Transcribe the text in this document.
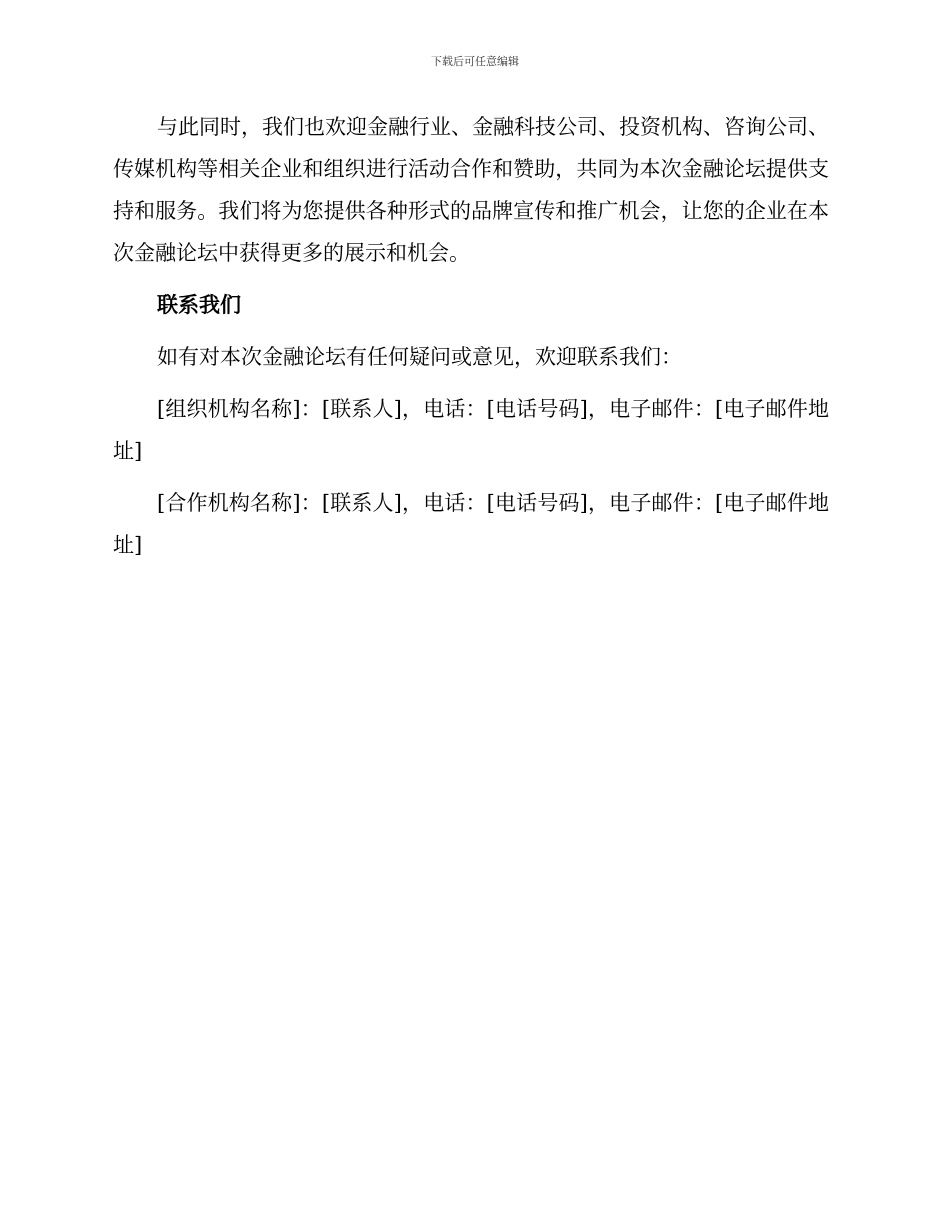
下载后可任意编辑

与此同时，我们也欢迎金融行业、金融科技公司、投资机构、咨询公司、传媒机构等相关企业和组织进行活动合作和赞助，共同为本次金融论坛提供支持和服务。我们将为您提供各种形式的品牌宣传和推广机会，让您的企业在本次金融论坛中获得更多的展示和机会。

联系我们

如有对本次金融论坛有任何疑问或意见，欢迎联系我们：

[组织机构名称]：[联系人]，电话：[电话号码]，电子邮件：[电子邮件地址]

[合作机构名称]：[联系人]，电话：[电话号码]，电子邮件：[电子邮件地址]
